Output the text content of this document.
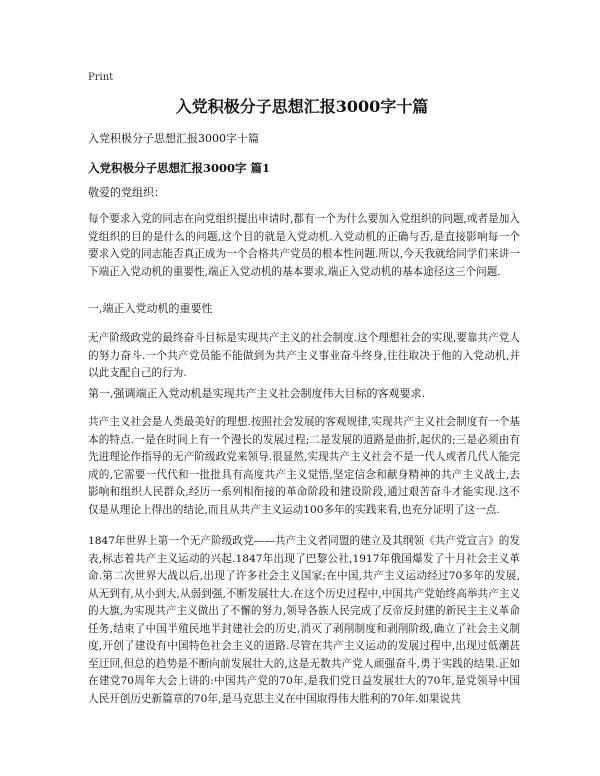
Print
入党积极分子思想汇报3000字十篇
入党积极分子思想汇报3000字十篇
入党积极分子思想汇报3000字 篇1
敬爱的党组织：

每个要求入党的同志在向党组织提出申请时,都有一个为什么要加入党组织的问题,或者是加入党组织的目的是什么的问题,这个目的就是入党动机.入党动机的正确与否,是直接影响每一个要求入党的同志能否真正成为一个合格共产党员的根本性问题.所以,今天我就给同学们来讲一下端正入党动机的重要性,端正入党动机的基本要求,端正入党动机的基本途径这三个问题.

一,端正入党动机的重要性

无产阶级政党的最终奋斗目标是实现共产主义的社会制度.这个理想社会的实现,要靠共产党人的努力奋斗.一个共产党员能不能做到为共产主义事业奋斗终身,往往取决于他的入党动机,并以此支配自己的行为.

第一,强调端正入党动机是实现共产主义社会制度伟大目标的客观要求.

共产主义社会是人类最美好的理想.按照社会发展的客观规律,实现共产主义社会制度有一个基本的特点.一是在时间上有一个漫长的发展过程;二是发展的道路是曲折,起伏的;三是必须由有先进理论作指导的无产阶级政党来领导.很显然,实现共产主义社会不是一代人或者几代人能完成的,它需要一代代和一批批具有高度共产主义觉悟,坚定信念和献身精神的共产主义战士,去影响和组织人民群众,经历一系列相衔接的革命阶段和建设阶段,通过艰苦奋斗才能实现.这不仅是从理论上得出的结论,而且从共产主义运动100多年的实践来看,也充分证明了这一点.

1847年世界上第一个无产阶级政党——共产主义者同盟的建立及其纲领《共产党宣言》的发表,标志着共产主义运动的兴起.1847年出现了巴黎公社,1917年俄国爆发了十月社会主义革命.第二次世界大战以后,出现了许多社会主义国家;在中国,共产主义运动经过70多年的发展,从无到有,从小到大,从弱到强,不断发展壮大.在这个历史过程中,中国共产党始终高举共产主义的大旗,为实现共产主义做出了不懈的努力,领导各族人民完成了反帝反封建的新民主主义革命任务,结束了中国半殖民地半封建社会的历史,消灭了剥削制度和剥削阶级,确立了社会主义制度,开创了建设有中国特色社会主义的道路.尽管在共产主义运动的发展过程中,出现过低潮甚至迂回,但总的趋势是不断向前发展壮大的,这是无数共产党人顽强奋斗,勇于实践的结果.正如在建党70周年大会上讲的:中国共产党的70年,是我们党日益发展壮大的70年,是党领导中国人民开创历史新篇章的70年,是马克思主义在中国取得伟大胜利的70年.如果说共
